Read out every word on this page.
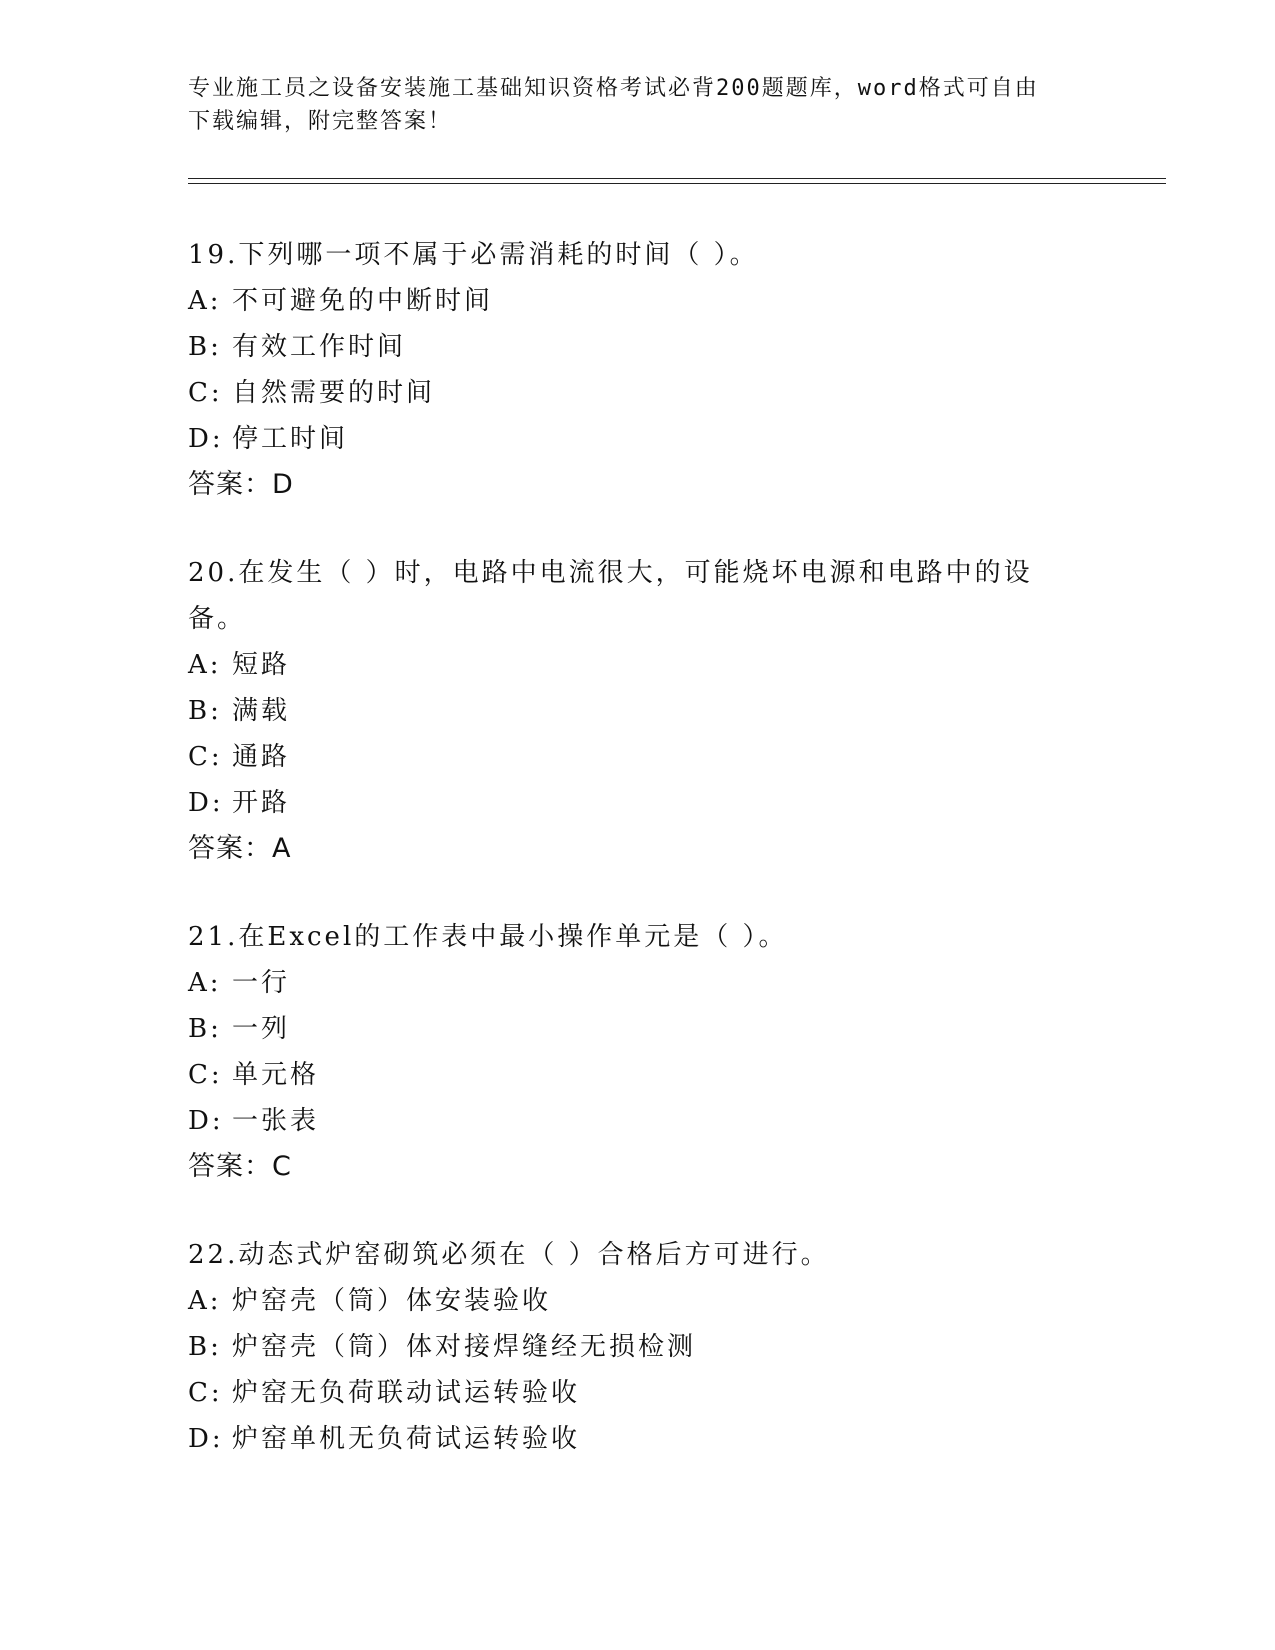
专业施工员之设备安装施工基础知识资格考试必背200题题库，word格式可自由
下载编辑，附完整答案！
19.下列哪一项不属于必需消耗的时间（ ）。
A: 不可避免的中断时间
B: 有效工作时间
C: 自然需要的时间
D: 停工时间
答案：D
20.在发生（ ）时，电路中电流很大，可能烧坏电源和电路中的设备。
A: 短路
B: 满载
C: 通路
D: 开路
答案：A
21.在Excel的工作表中最小操作单元是（ ）。
A: 一行
B: 一列
C: 单元格
D: 一张表
答案：C
22.动态式炉窑砌筑必须在（ ）合格后方可进行。
A: 炉窑壳（筒）体安装验收
B: 炉窑壳（筒）体对接焊缝经无损检测
C: 炉窑无负荷联动试运转验收
D: 炉窑单机无负荷试运转验收
